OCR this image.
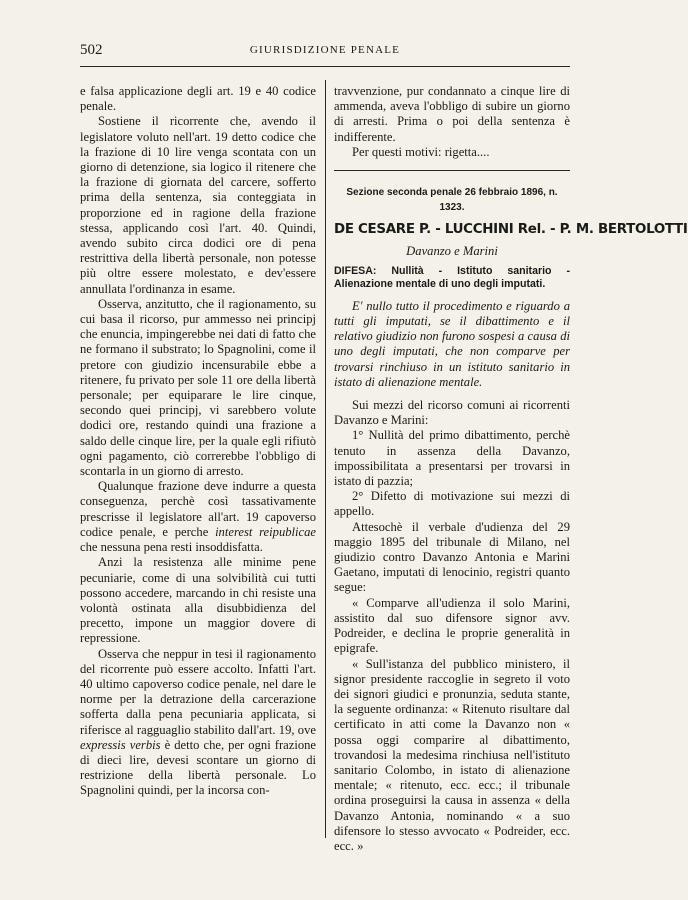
502	GIURISDIZIONE PENALE

e falsa applicazione degli art. 19 e 40 codice penale.

Sostiene il ricorrente che, avendo il legislatore voluto nell'art. 19 detto codice che la frazione di 10 lire venga scontata con un giorno di detenzione, sia logico il ritenere che la frazione di giornata del carcere, sofferto prima della sentenza, sia conteggiata in proporzione ed in ragione della frazione stessa, applicando così l'art. 40. Quindi, avendo subito circa dodici ore di pena restrittiva della libertà personale, non potesse più oltre essere molestato, e dev'essere annullata l'ordinanza in esame.

Osserva, anzitutto, che il ragionamento, su cui basa il ricorso, pur ammesso nei principj che enuncia, impingerebbe nei dati di fatto che ne formano il substrato; lo Spagnolini, come il pretore con giudizio incensurabile ebbe a ritenere, fu privato per sole 11 ore della libertà personale; per equiparare le lire cinque, secondo quei principj, vi sarebbero volute dodici ore, restando quindi una frazione a saldo delle cinque lire, per la quale egli rifiutò ogni pagamento, ciò correrebbe l'obbligo di scontarla in un giorno di arresto.

Qualunque frazione deve indurre a questa conseguenza, perchè così tassativamente prescrisse il legislatore all'art. 19 capoverso codice penale, e perche interest reipublicae che nessuna pena resti insoddisfatta.

Anzi la resistenza alle minime pene pecuniarie, come di una solvibilità cui tutti possono accedere, marcando in chi resiste una volontà ostinata alla disubbidienza del precetto, impone un maggior dovere di repressione.

Osserva che neppur in tesi il ragionamento del ricorrente può essere accolto. Infatti l'art. 40 ultimo capoverso codice penale, nel dare le norme per la detrazione della carcerazione sofferta dalla pena pecuniaria applicata, si riferisce al ragguaglio stabilito dall'art. 19, ove expressis verbis è detto che, per ogni frazione di dieci lire, devesi scontare un giorno di restrizione della libertà personale. Lo Spagnolini quindi, per la incorsa con-

travvenzione, pur condannato a cinque lire di ammenda, aveva l'obbligo di subire un giorno di arresti. Prima o poi della sentenza è indifferente.

Per questi motivi: rigetta....

Sezione seconda penale 26 febbraio 1896, n. 1323.
DE CESARE P. - LUCCHINI Rel. - P. M. BERTOLOTTI
Davanzo e Marini
DIFESA: Nullità - Istituto sanitario - Alienazione mentale di uno degli imputati.
E' nullo tutto il procedimento e riguardo a tutti gli imputati, se il dibattimento e il relativo giudizio non furono sospesi a causa di uno degli imputati, che non comparve per trovarsi rinchiuso in un istituto sanitario in istato di alienazione mentale.

Sui mezzi del ricorso comuni ai ricorrenti Davanzo e Marini:

1° Nullità del primo dibattimento, perchè tenuto in assenza della Davanzo, impossibilitata a presentarsi per trovarsi in istato di pazzia;

2° Difetto di motivazione sui mezzi di appello.

Attesochè il verbale d'udienza del 29 maggio 1895 del tribunale di Milano, nel giudizio contro Davanzo Antonia e Marini Gaetano, imputati di lenocinio, registri quanto segue:

« Comparve all'udienza il solo Marini, assistito dal suo difensore signor avv. Podreider, e declina le proprie generalità in epigrafe.

« Sull'istanza del pubblico ministero, il signor presidente raccoglie in segreto il voto dei signori giudici e pronunzia, seduta stante, la seguente ordinanza: « Ritenuto risultare dal certificato in atti come la Davanzo non « possa oggi comparire al dibattimento, trovandosi la medesima rinchiusa nell'istituto sanitario Colombo, in istato di alienazione mentale; « ritenuto, ecc. ecc.; il tribunale ordina proseguirsi la causa in assenza « della Davanzo Antonia, nominando « a suo difensore lo stesso avvocato « Podreider, ecc. ecc. »
